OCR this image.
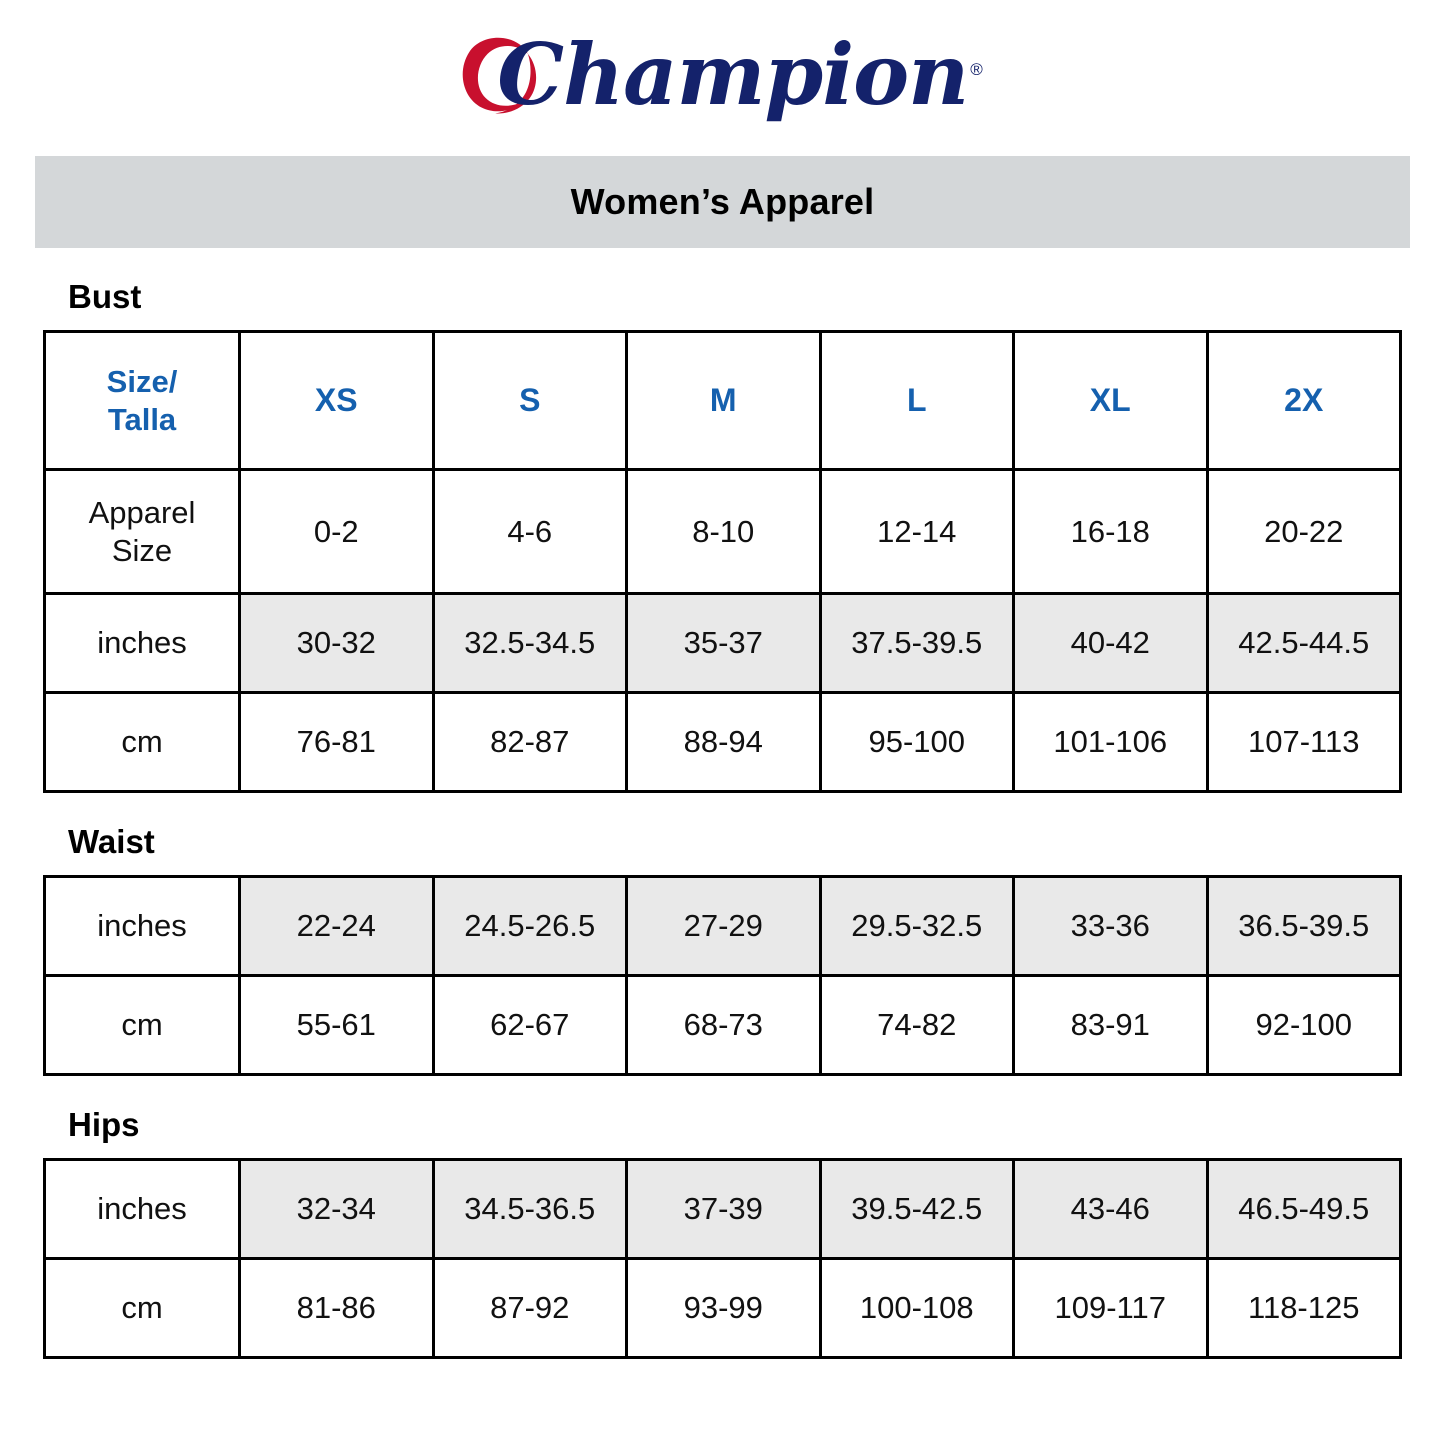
Champion ®
Women’s Apparel
Bust
Size/
Talla	XS	S	M	L	XL	2X

Apparel
Size	0-2	4-6	8-10	12-14	16-18	20-22
inches	30-32	32.5-34.5	35-37	37.5-39.5	40-42	42.5-44.5
cm	76-81	82-87	88-94	95-100	101-106	107-113
Waist
inches	22-24	24.5-26.5	27-29	29.5-32.5	33-36	36.5-39.5
cm	55-61	62-67	68-73	74-82	83-91	92-100
Hips
inches	32-34	34.5-36.5	37-39	39.5-42.5	43-46	46.5-49.5
cm	81-86	87-92	93-99	100-108	109-117	118-125
